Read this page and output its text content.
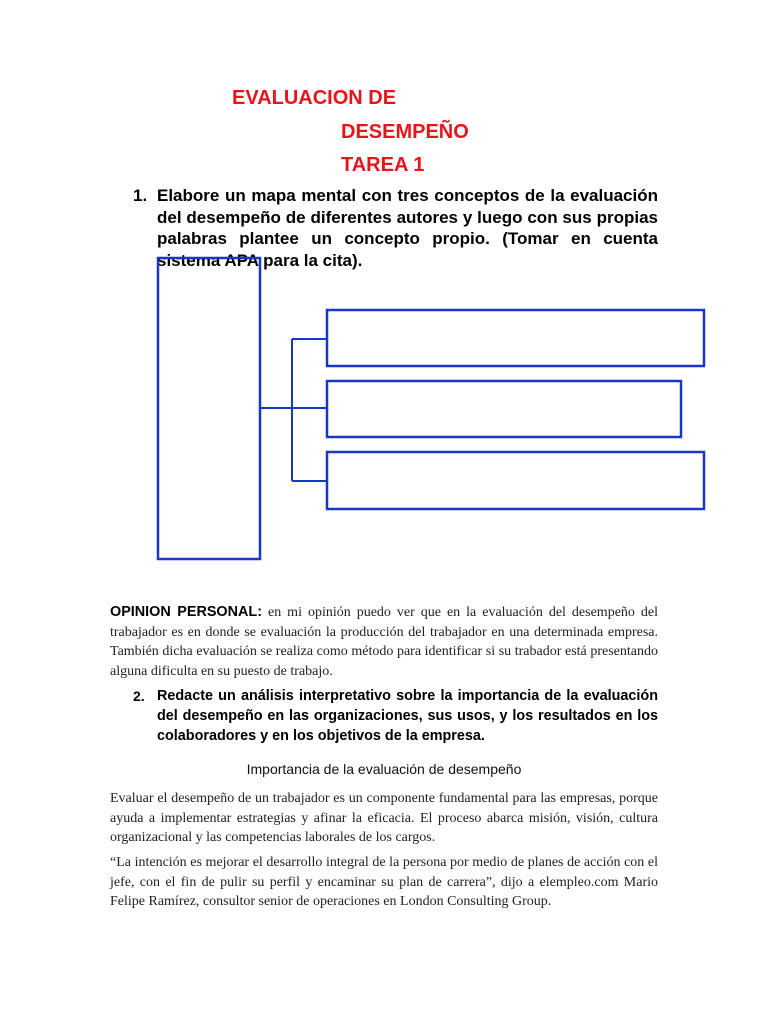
EVALUACION DE
DESEMPEÑO
TAREA 1
1. Elabore un mapa mental con tres conceptos de la evaluación del desempeño de diferentes autores y luego con sus propias palabras plantee un concepto propio. (Tomar en cuenta sistema APA para la cita).

OPINION PERSONAL: en mi opinión puedo ver que en la evaluación del desempeño del trabajador es en donde se evaluación la producción del trabajador en una determinada empresa. También dicha evaluación se realiza como método para identificar si su trabador está presentando alguna dificulta en su puesto de trabajo.

2. Redacte un análisis interpretativo sobre la importancia de la evaluación del desempeño en las organizaciones, sus usos, y los resultados en los colaboradores y en los objetivos de la empresa.

Importancia de la evaluación de desempeño

Evaluar el desempeño de un trabajador es un componente fundamental para las empresas, porque ayuda a implementar estrategias y afinar la eficacia. El proceso abarca misión, visión, cultura organizacional y las competencias laborales de los cargos.

“La intención es mejorar el desarrollo integral de la persona por medio de planes de acción con el jefe, con el fin de pulir su perfil y encaminar su plan de carrera”, dijo a elempleo.com Mario Felipe Ramírez, consultor senior de operaciones en London Consulting Group.
